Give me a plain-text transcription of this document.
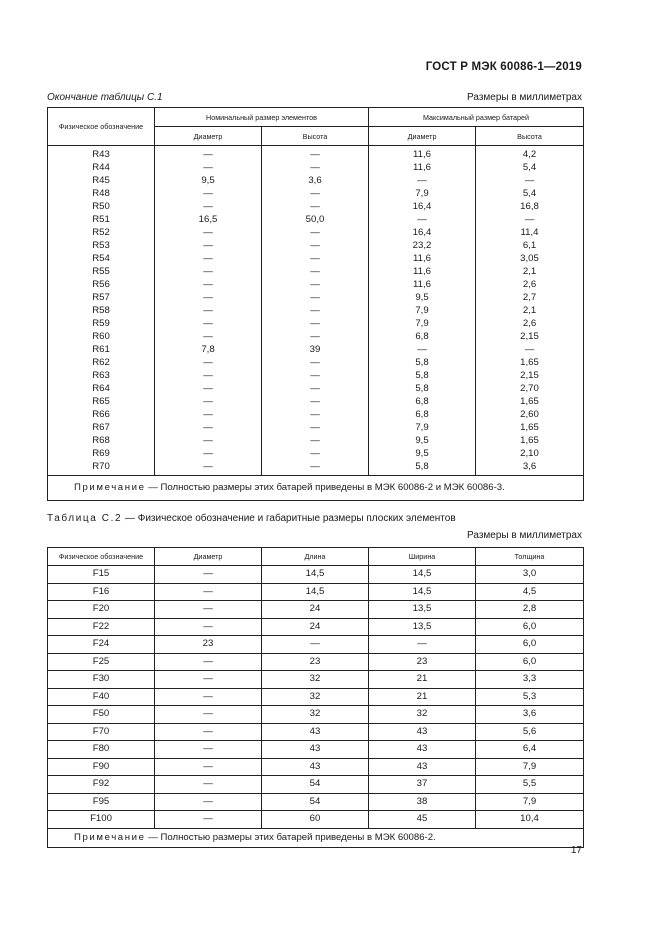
ГОСТ Р МЭК 60086-1—2019
Окончание таблицы С.1	Размеры в миллиметрах
Физическое обозначение	Номинальный размер элементов		Максимальный размер батарей	
	Диаметр	Высота	Диаметр	Высота
R43	—	—	11,6	4,2
R44	—	—	11,6	5,4
R45	9,5	3,6	—	—
R48	—	—	7,9	5,4
R50	—	—	16,4	16,8
R51	16,5	50,0	—	—
R52	—	—	16,4	11,4
R53	—	—	23,2	6,1
R54	—	—	11,6	3,05
R55	—	—	11,6	2,1
R56	—	—	11,6	2,6
R57	—	—	9,5	2,7
R58	—	—	7,9	2,1
R59	—	—	7,9	2,6
R60	—	—	6,8	2,15
R61	7,8	39	—	—
R62	—	—	5,8	1,65
R63	—	—	5,8	2,15
R64	—	—	5,8	2,70
R65	—	—	6,8	1,65
R66	—	—	6,8	2,60
R67	—	—	7,9	1,65
R68	—	—	9,5	1,65
R69	—	—	9,5	2,10
R70	—	—	5,8	3,6
Примечание — Полностью размеры этих батарей приведены в МЭК 60086-2 и МЭК 60086-3.				
Таблица С.2 — Физическое обозначение и габаритные размеры плоских элементов
Размеры в миллиметрах
Физическое обозначение	Диаметр	Длина	Ширина	Толщина
F15	—	14,5	14,5	3,0
F16	—	14,5	14,5	4,5
F20	—	24	13,5	2,8
F22	—	24	13,5	6,0
F24	23	—	—	6,0
F25	—	23	23	6,0
F30	—	32	21	3,3
F40	—	32	21	5,3
F50	—	32	32	3,6
F70	—	43	43	5,6
F80	—	43	43	6,4
F90	—	43	43	7,9
F92	—	54	37	5,5
F95	—	54	38	7,9
F100	—	60	45	10,4
Примечание — Полностью размеры этих батарей приведены в МЭК 60086-2.				
17
